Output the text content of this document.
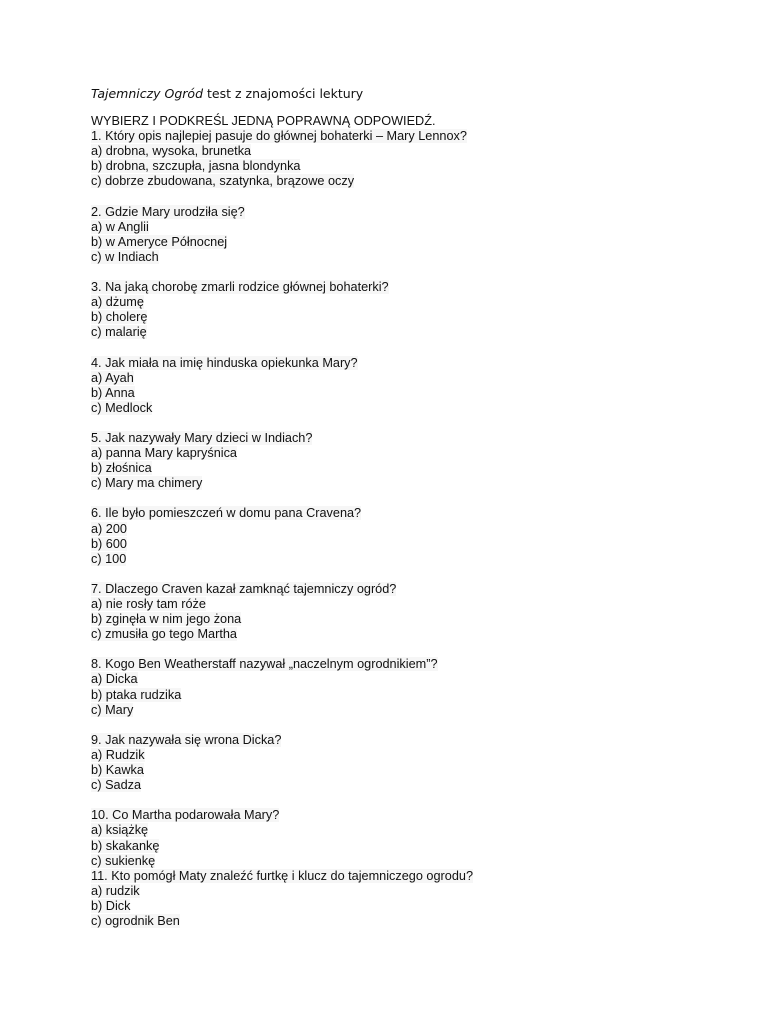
Tajemniczy Ogród test z znajomości lektury
WYBIERZ I PODKREŚL JEDNĄ POPRAWNĄ ODPOWIEDŹ.
1. Który opis najlepiej pasuje do głównej bohaterki – Mary Lennox?
a) drobna, wysoka, brunetka
b) drobna, szczupła, jasna blondynka
c) dobrze zbudowana, szatynka, brązowe oczy
2. Gdzie Mary urodziła się?
a) w Anglii
b) w Ameryce Północnej
c) w Indiach
3. Na jaką chorobę zmarli rodzice głównej bohaterki?
a) dżumę
b) cholerę
c) malarię
4. Jak miała na imię hinduska opiekunka Mary?
a) Ayah
b) Anna
c) Medlock
5. Jak nazywały Mary dzieci w Indiach?
a) panna Mary kapryśnica
b) złośnica
c) Mary ma chimery
6. Ile było pomieszczeń w domu pana Cravena?
a) 200
b) 600
c) 100
7. Dlaczego Craven kazał zamknąć tajemniczy ogród?
a) nie rosły tam róże
b) zginęła w nim jego żona
c) zmusiła go tego Martha
8. Kogo Ben Weatherstaff nazywał „naczelnym ogrodnikiem”?
a) Dicka
b) ptaka rudzika
c) Mary
9. Jak nazywała się wrona Dicka?
a) Rudzik
b) Kawka
c) Sadza
10. Co Martha podarowała Mary?
a) książkę
b) skakankę
c) sukienkę
11. Kto pomógł Maty znaleźć furtkę i klucz do tajemniczego ogrodu?
a) rudzik
b) Dick
c) ogrodnik Ben
